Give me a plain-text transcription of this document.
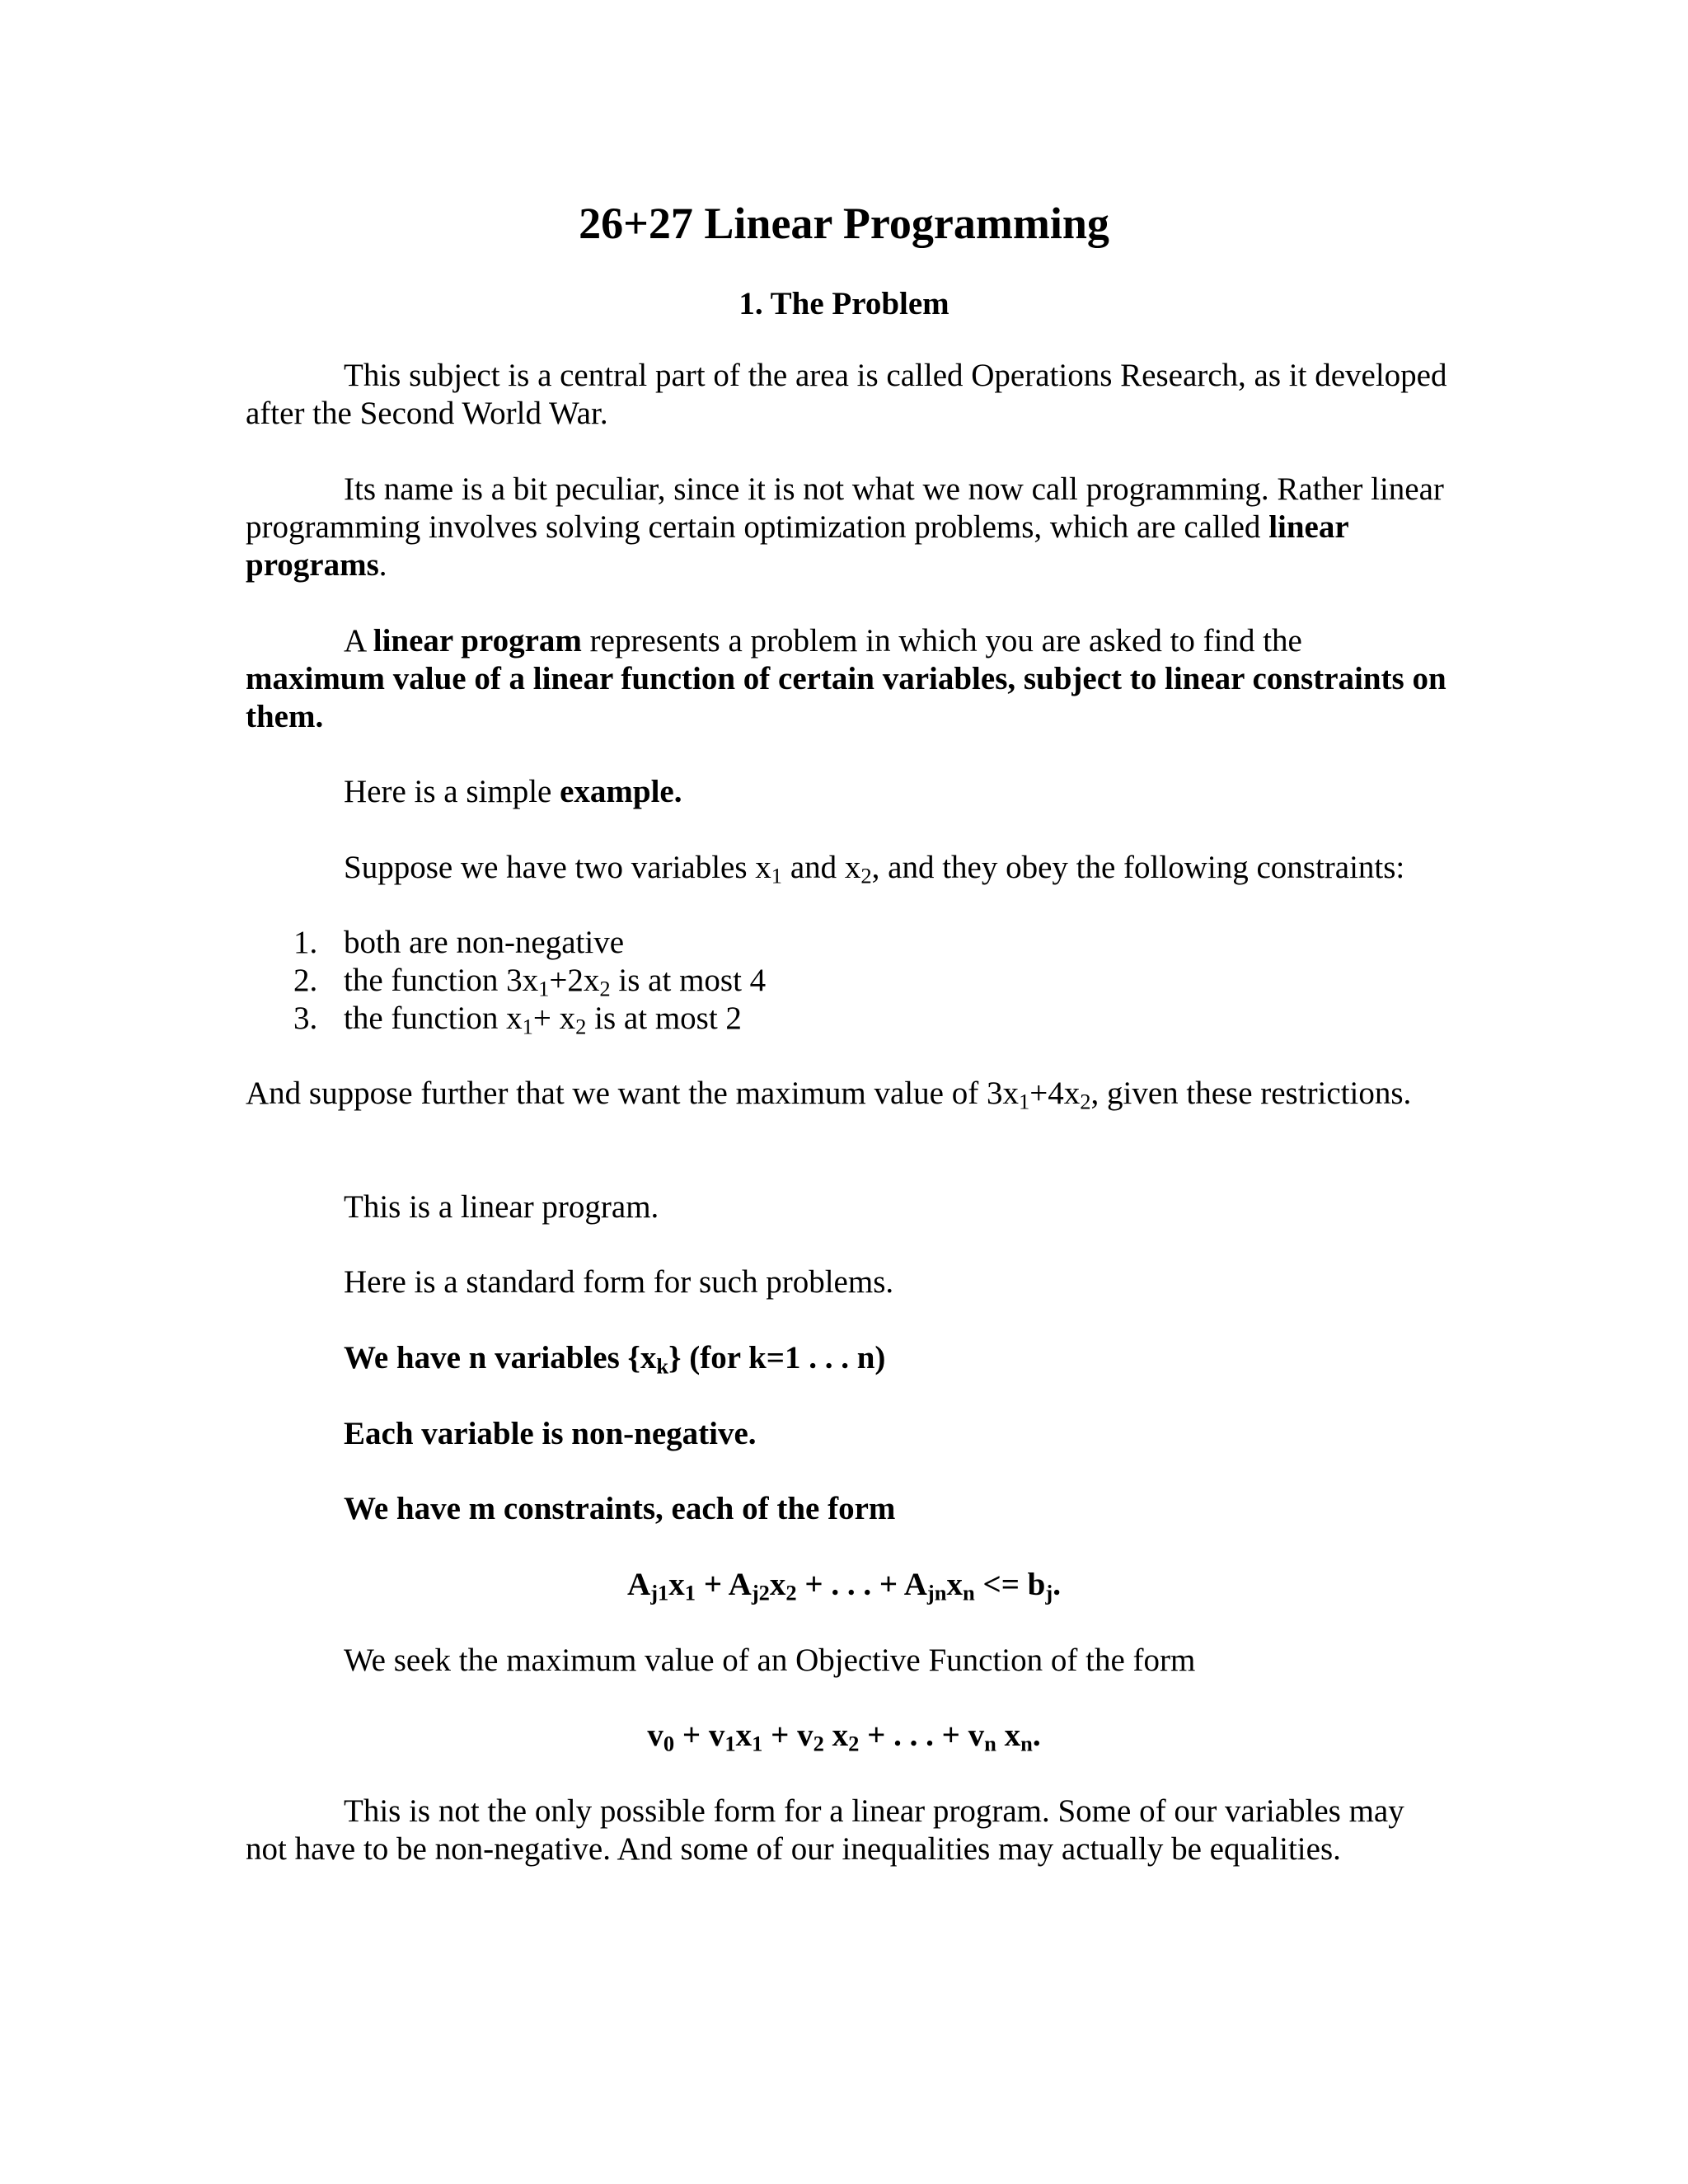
26+27 Linear Programming
1. The Problem

This subject is a central part of the area is called Operations Research, as it developed after the Second World War.

Its name is a bit peculiar, since it is not what we now call programming. Rather linear programming involves solving certain optimization problems, which are called linear programs.

A linear program represents a problem in which you are asked to find the maximum value of a linear function of certain variables, subject to linear constraints on them.

Here is a simple example.

Suppose we have two variables $x_1$ and $x_2$, and they obey the following constraints:

1. both are non-negative
2. the function $3x_1+2x_2$ is at most 4
3. the function $x_1+ x_2$ is at most 2

And suppose further that we want the maximum value of $3x_1+4x_2$, given these restrictions.

This is a linear program.

Here is a standard form for such problems.

We have n variables $\{x_k\}$ (for k=1 . . . n)

Each variable is non-negative.

We have m constraints, each of the form

$A_{j1}x_1 + A_{j2}x_2$ + . . . + $A_{jn}x_n <= b_j$.

We seek the maximum value of an Objective Function of the form

$v_0 + v_1x_1 + v_2$ $x_2$ + . . . + $v_n$ $x_n$.

This is not the only possible form for a linear program. Some of our variables may not have to be non-negative. And some of our inequalities may actually be equalities.
